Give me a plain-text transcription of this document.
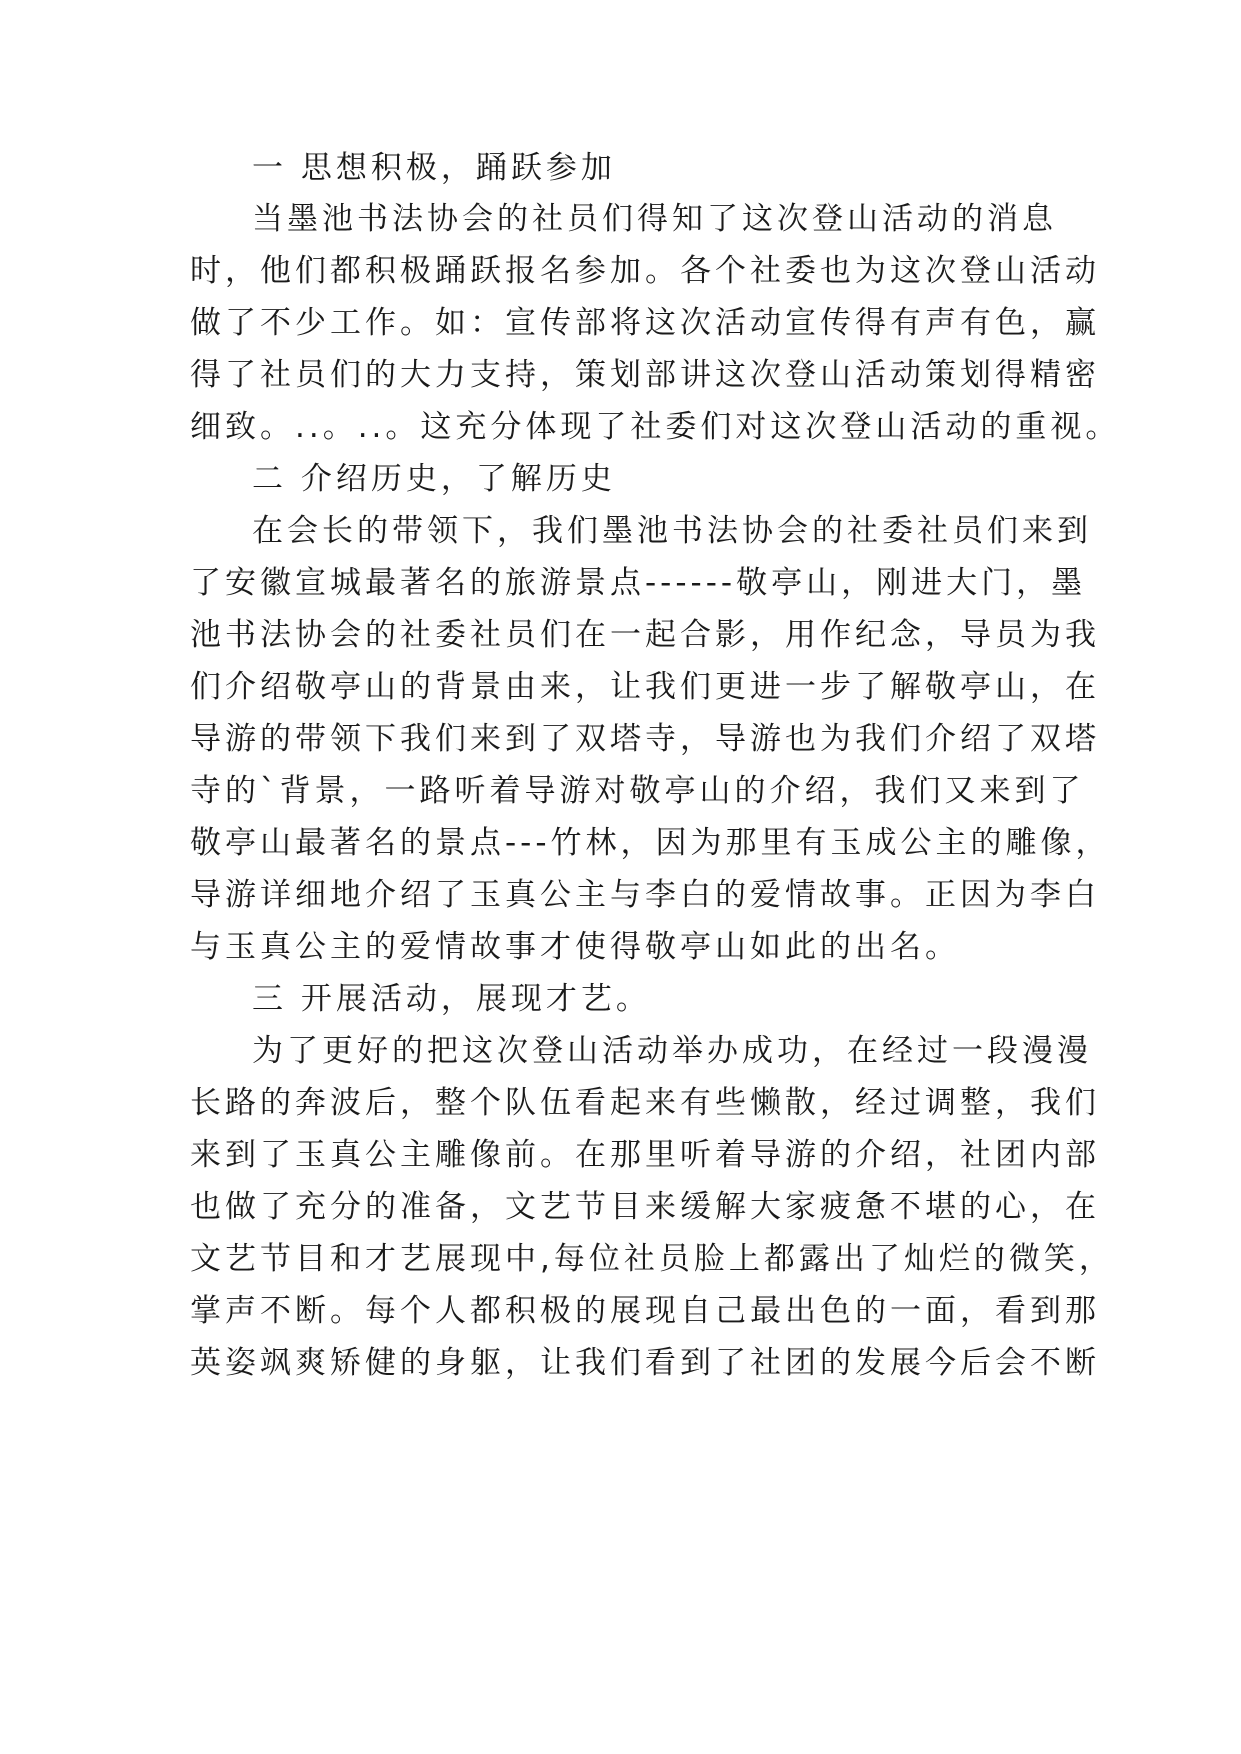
一 思想积极，踊跃参加

当墨池书法协会的社员们得知了这次登山活动的消息

时，他们都积极踊跃报名参加。各个社委也为这次登山活动

做了不少工作。如：宣传部将这次活动宣传得有声有色，赢

得了社员们的大力支持，策划部讲这次登山活动策划得精密

细致。..。..。这充分体现了社委们对这次登山活动的重视。

二 介绍历史，了解历史

在会长的带领下，我们墨池书法协会的社委社员们来到

了安徽宣城最著名的旅游景点------敬亭山，刚进大门，墨

池书法协会的社委社员们在一起合影，用作纪念，导员为我

们介绍敬亭山的背景由来，让我们更进一步了解敬亭山，在

导游的带领下我们来到了双塔寺，导游也为我们介绍了双塔

寺的`背景，一路听着导游对敬亭山的介绍，我们又来到了

敬亭山最著名的景点---竹林，因为那里有玉成公主的雕像，

导游详细地介绍了玉真公主与李白的爱情故事。正因为李白

与玉真公主的爱情故事才使得敬亭山如此的出名。

三 开展活动，展现才艺。

为了更好的把这次登山活动举办成功，在经过一段漫漫

长路的奔波后，整个队伍看起来有些懒散，经过调整，我们

来到了玉真公主雕像前。在那里听着导游的介绍，社团内部

也做了充分的准备，文艺节目来缓解大家疲惫不堪的心，在

文艺节目和才艺展现中,每位社员脸上都露出了灿烂的微笑，

掌声不断。每个人都积极的展现自己最出色的一面，看到那

英姿飒爽矫健的身躯，让我们看到了社团的发展今后会不断
